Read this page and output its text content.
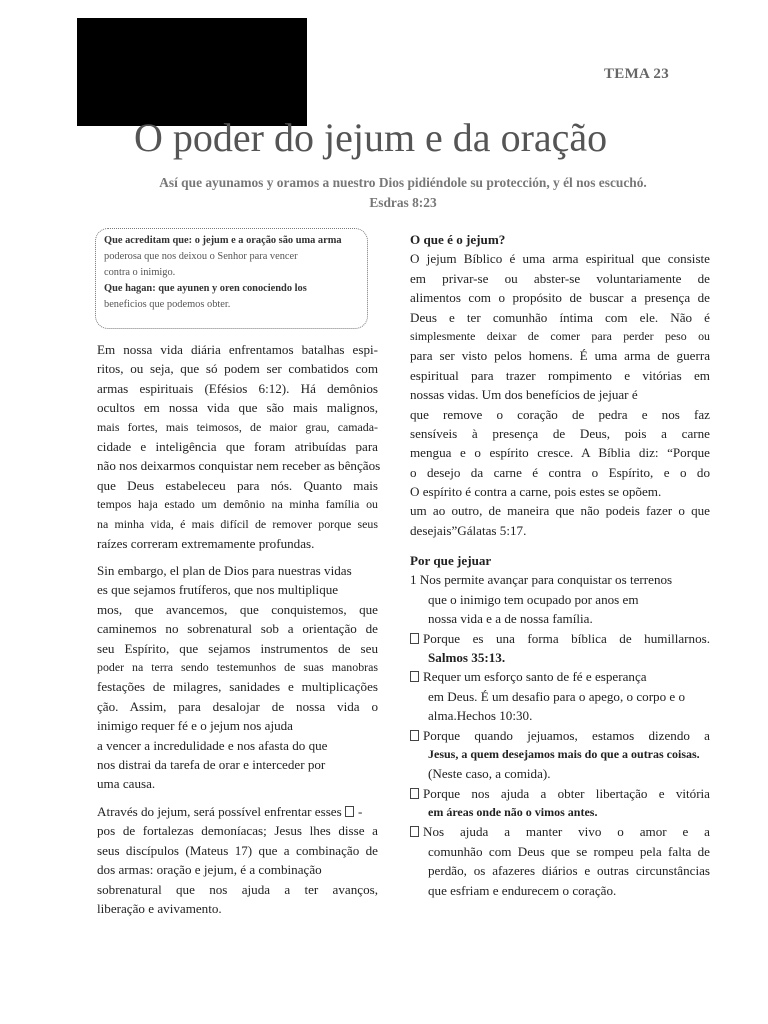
TEMA 23
O poder do jejum e da oração
Así que ayunamos y oramos a nuestro Dios pidiéndole su protección, y él nos escuchó.
Esdras 8:23
Que acreditam que: o jejum e a oração são uma arma
poderosa que nos deixou o Senhor para vencer
contra o inimigo.
Que hagan: que ayunen y oren conociendo los
beneficios que podemos obter.
Em nossa vida diária enfrentamos batalhas espi-
ritos, ou seja, que só podem ser combatidos com
armas espirituais (Efésios 6:12). Há demônios
ocultos em nossa vida que são mais malignos,
mais fortes, mais teimosos, de maior grau, camada-
cidade e inteligência que foram atribuídas para
não nos deixarmos conquistar nem receber as bênçãos
que Deus estabeleceu para nós. Quanto mais
tempos haja estado um demônio na minha família ou
na minha vida, é mais difícil de remover porque seus
raízes correram extremamente profundas.
Sin embargo, el plan de Dios para nuestras vidas
es que sejamos frutíferos, que nos multiplique
mos, que avancemos, que conquistemos, que
caminemos no sobrenatural sob a orientação de
seu Espírito, que sejamos instrumentos de seu
poder na terra sendo testemunhos de suas manobras
festações de milagres, sanidades e multiplicações
ção. Assim, para desalojar de nossa vida o
inimigo requer fé e o jejum nos ajuda
a vencer a incredulidade e nos afasta do que
nos distrai da tarefa de orar e interceder por
uma causa.
Através do jejum, será possível enfrentar esses -
pos de fortalezas demoníacas; Jesus lhes disse a
seus discípulos (Mateus 17) que a combinação de
dos armas: oração e jejum, é a combinação
sobrenatural que nos ajuda a ter avanços,
liberação e avivamento.
O que é o jejum?
O jejum Bíblico é uma arma espiritual que consiste
em privar-se ou abster-se voluntariamente de
alimentos com o propósito de buscar a presença de
Deus e ter comunhão íntima com ele. Não é
simplesmente deixar de comer para perder peso ou
para ser visto pelos homens. É uma arma de guerra
espiritual para trazer rompimento e vitórias em
nossas vidas. Um dos benefícios de jejuar é
que remove o coração de pedra e nos faz
sensíveis à presença de Deus, pois a carne
mengua e o espírito cresce. A Bíblia diz: “Porque
o desejo da carne é contra o Espírito, e o do
O espírito é contra a carne, pois estes se opõem.
um ao outro, de maneira que não podeis fazer o que
desejais”Gálatas 5:17.
Por que jejuar
1 Nos permite avançar para conquistar os terrenos
que o inimigo tem ocupado por anos em
nossa vida e a de nossa família.
Porque es una forma bíblica de humillarnos.
Salmos 35:13.
Requer um esforço santo de fé e esperança
em Deus. É um desafio para o apego, o corpo e o
alma.Hechos 10:30.
Porque quando jejuamos, estamos dizendo a
Jesus, a quem desejamos mais do que a outras coisas.
(Neste caso, a comida).
Porque nos ajuda a obter libertação e vitória
em áreas onde não o vimos antes.
Nos ajuda a manter vivo o amor e a
comunhão com Deus que se rompeu pela falta de
perdão, os afazeres diários e outras circunstâncias
que esfriam e endurecem o coração.
